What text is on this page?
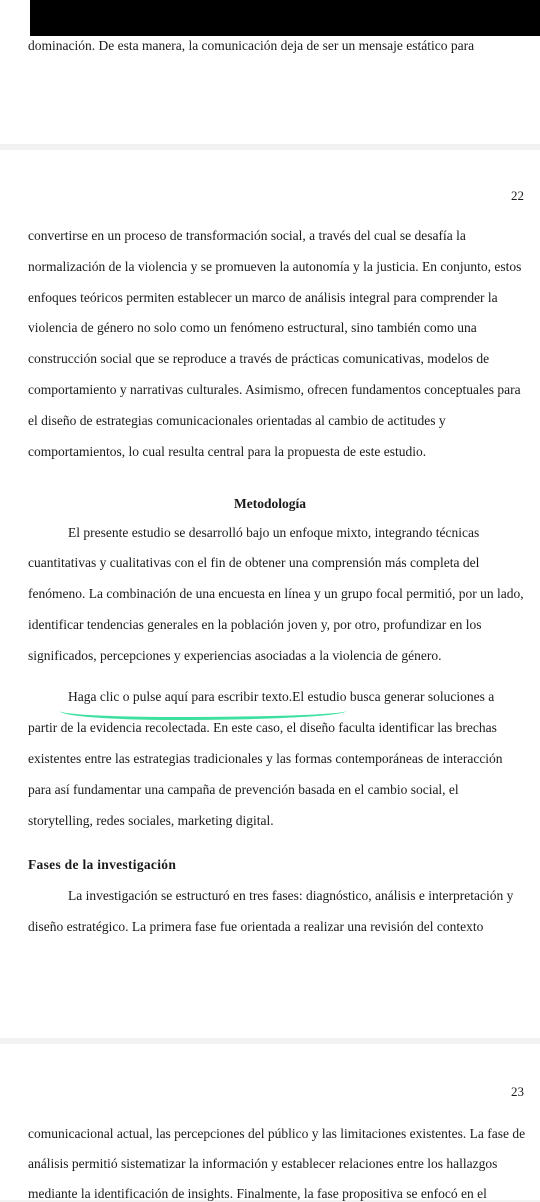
dominación. De esta manera, la comunicación deja de ser un mensaje estático para
22
convertirse en un proceso de transformación social, a través del cual se desafía la
normalización de la violencia y se promueven la autonomía y la justicia. En conjunto, estos
enfoques teóricos permiten establecer un marco de análisis integral para comprender la
violencia de género no solo como un fenómeno estructural, sino también como una
construcción social que se reproduce a través de prácticas comunicativas, modelos de
comportamiento y narrativas culturales. Asimismo, ofrecen fundamentos conceptuales para
el diseño de estrategias comunicacionales orientadas al cambio de actitudes y
comportamientos, lo cual resulta central para la propuesta de este estudio.
Metodología
El presente estudio se desarrolló bajo un enfoque mixto, integrando técnicas
cuantitativas y cualitativas con el fin de obtener una comprensión más completa del
fenómeno. La combinación de una encuesta en línea y un grupo focal permitió, por un lado,
identificar tendencias generales en la población joven y, por otro, profundizar en los
significados, percepciones y experiencias asociadas a la violencia de género.
Haga clic o pulse aquí para escribir texto.El estudio busca generar soluciones a
partir de la evidencia recolectada. En este caso, el diseño faculta identificar las brechas
existentes entre las estrategias tradicionales y las formas contemporáneas de interacción
para así fundamentar una campaña de prevención basada en el cambio social, el
storytelling, redes sociales, marketing digital.
Fases de la investigación
La investigación se estructuró en tres fases: diagnóstico, análisis e interpretación y
diseño estratégico. La primera fase fue orientada a realizar una revisión del contexto
23
comunicacional actual, las percepciones del público y las limitaciones existentes. La fase de
análisis permitió sistematizar la información y establecer relaciones entre los hallazgos
mediante la identificación de insights. Finalmente, la fase propositiva se enfocó en el
